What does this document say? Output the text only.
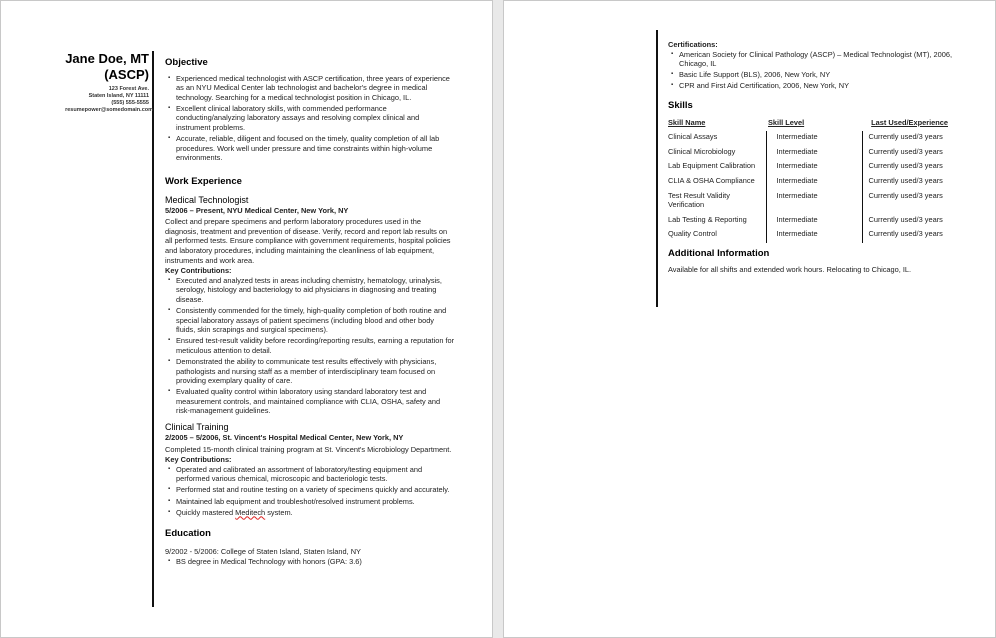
Jane Doe, MT
(ASCP)
123 Forest Ave.
Staten Island, NY 11111
(555) 555-5555
resumepower@somedomain.com
Objective
▪ Experienced medical technologist with ASCP certification, three years of experience as an NYU Medical Center lab technologist and bachelor's degree in medical technology. Searching for a medical technologist position in Chicago, IL.
▪ Excellent clinical laboratory skills, with commended performance conducting/analyzing laboratory assays and resolving complex clinical and instrument problems.
▪ Accurate, reliable, diligent and focused on the timely, quality completion of all lab procedures. Work well under pressure and time constraints within high-volume environments.
Work Experience
Medical Technologist
5/2006 – Present, NYU Medical Center, New York, NY

Collect and prepare specimens and perform laboratory procedures used in the diagnosis, treatment and prevention of disease. Verify, record and report lab results on all performed tests. Ensure compliance with government requirements, hospital policies and laboratory procedures, including maintaining the cleanliness of lab equipment, instruments and work area.

Key Contributions:
▪ Executed and analyzed tests in areas including chemistry, hematology, urinalysis, serology, histology and bacteriology to aid physicians in diagnosing and treating disease.
▪ Consistently commended for the timely, high-quality completion of both routine and special laboratory assays of patient specimens (including blood and other body fluids, skin scrapings and surgical specimens).
▪ Ensured test-result validity before recording/reporting results, earning a reputation for meticulous attention to detail.
▪ Demonstrated the ability to communicate test results effectively with physicians, pathologists and nursing staff as a member of interdisciplinary team focused on providing exemplary quality of care.
▪ Evaluated quality control within laboratory using standard laboratory test and measurement controls, and maintained compliance with CLIA, OSHA, safety and risk-management guidelines.
Clinical Training
2/2005 – 5/2006, St. Vincent's Hospital Medical Center, New York, NY

Completed 15-month clinical training program at St. Vincent's Microbiology Department.

Key Contributions:
▪ Operated and calibrated an assortment of laboratory/testing equipment and performed various chemical, microscopic and bacteriologic tests.
▪ Performed stat and routine testing on a variety of specimens quickly and accurately.
▪ Maintained lab equipment and troubleshot/resolved instrument problems.
▪ Quickly mastered Meditech system.
Education

9/2002 - 5/2006: College of Staten Island, Staten Island, NY

▪ BS degree in Medical Technology with honors (GPA: 3.6)
Certifications:
▪ American Society for Clinical Pathology (ASCP) – Medical Technologist (MT), 2006, Chicago, IL
▪ Basic Life Support (BLS), 2006, New York, NY
▪ CPR and First Aid Certification, 2006, New York, NY
Skills
Skill Name	Skill Level	Last Used/Experience
Clinical Assays	Intermediate	Currently used/3 years
Clinical Microbiology	Intermediate	Currently used/3 years
Lab Equipment Calibration	Intermediate	Currently used/3 years
CLIA & OSHA Compliance	Intermediate	Currently used/3 years
Test Result Validity Verification	Intermediate	Currently used/3 years
Lab Testing & Reporting	Intermediate	Currently used/3 years
Quality Control	Intermediate	Currently used/3 years
Additional Information

Available for all shifts and extended work hours. Relocating to Chicago, IL.
